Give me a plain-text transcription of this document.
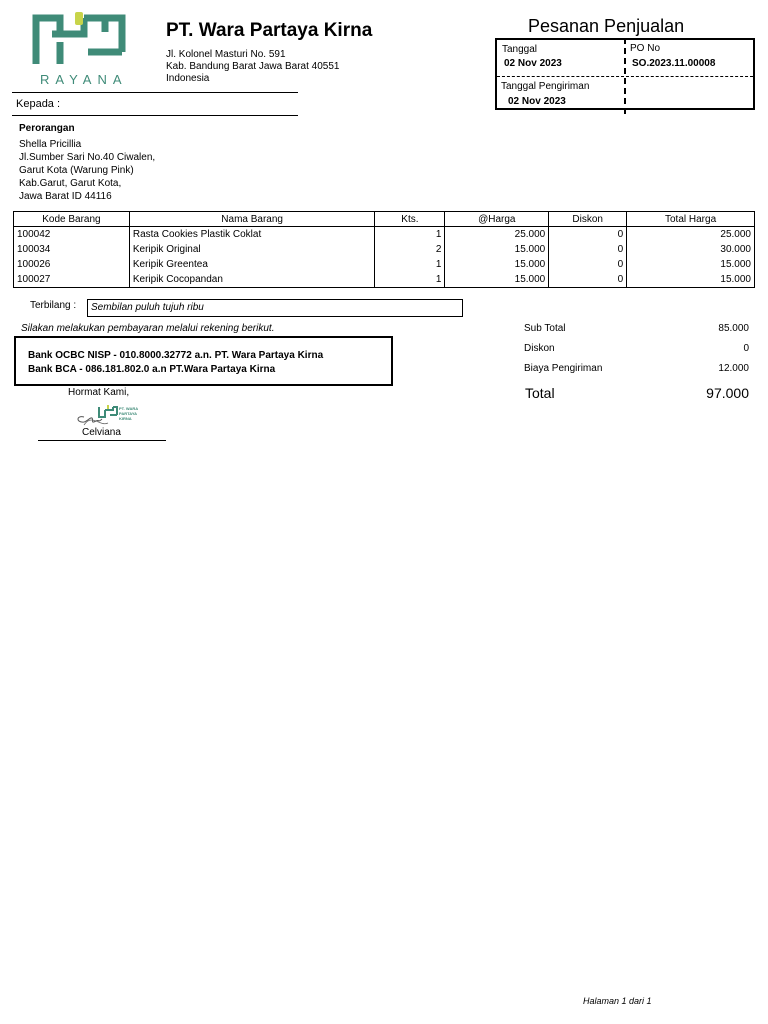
RAYANA
PT. Wara Partaya Kirna
Jl. Kolonel Masturi No. 591
Kab. Bandung Barat Jawa Barat 40551
Indonesia
Pesanan Penjualan
Tanggal
02 Nov 2023
PO No
SO.2023.11.00008
Tanggal Pengiriman
02 Nov 2023
Kepada :
Perorangan
Shella Pricillia
Jl.Sumber Sari No.40 Ciwalen,
Garut Kota (Warung Pink)
Kab.Garut, Garut Kota,
Jawa Barat ID 44116
Kode Barang	Nama Barang	Kts.	@Harga	Diskon	Total Harga
100042	Rasta Cookies Plastik Coklat	1	25.000	0	25.000
100034	Keripik Original	2	15.000	0	30.000
100026	Keripik Greentea	1	15.000	0	15.000
100027	Keripik Cocopandan	1	15.000	0	15.000
Terbilang :	Sembilan puluh tujuh ribu
Silakan melakukan pembayaran melalui rekening berikut.
Bank OCBC NISP - 010.8000.32772 a.n. PT. Wara Partaya Kirna
Bank BCA - 086.181.802.0 a.n PT.Wara Partaya Kirna
Sub Total	85.000
Diskon	0
Biaya Pengiriman	12.000
Total	97.000
Hormat Kami,
PT. WARA PARTAYA KIRNA
Celviana
Halaman 1 dari 1
